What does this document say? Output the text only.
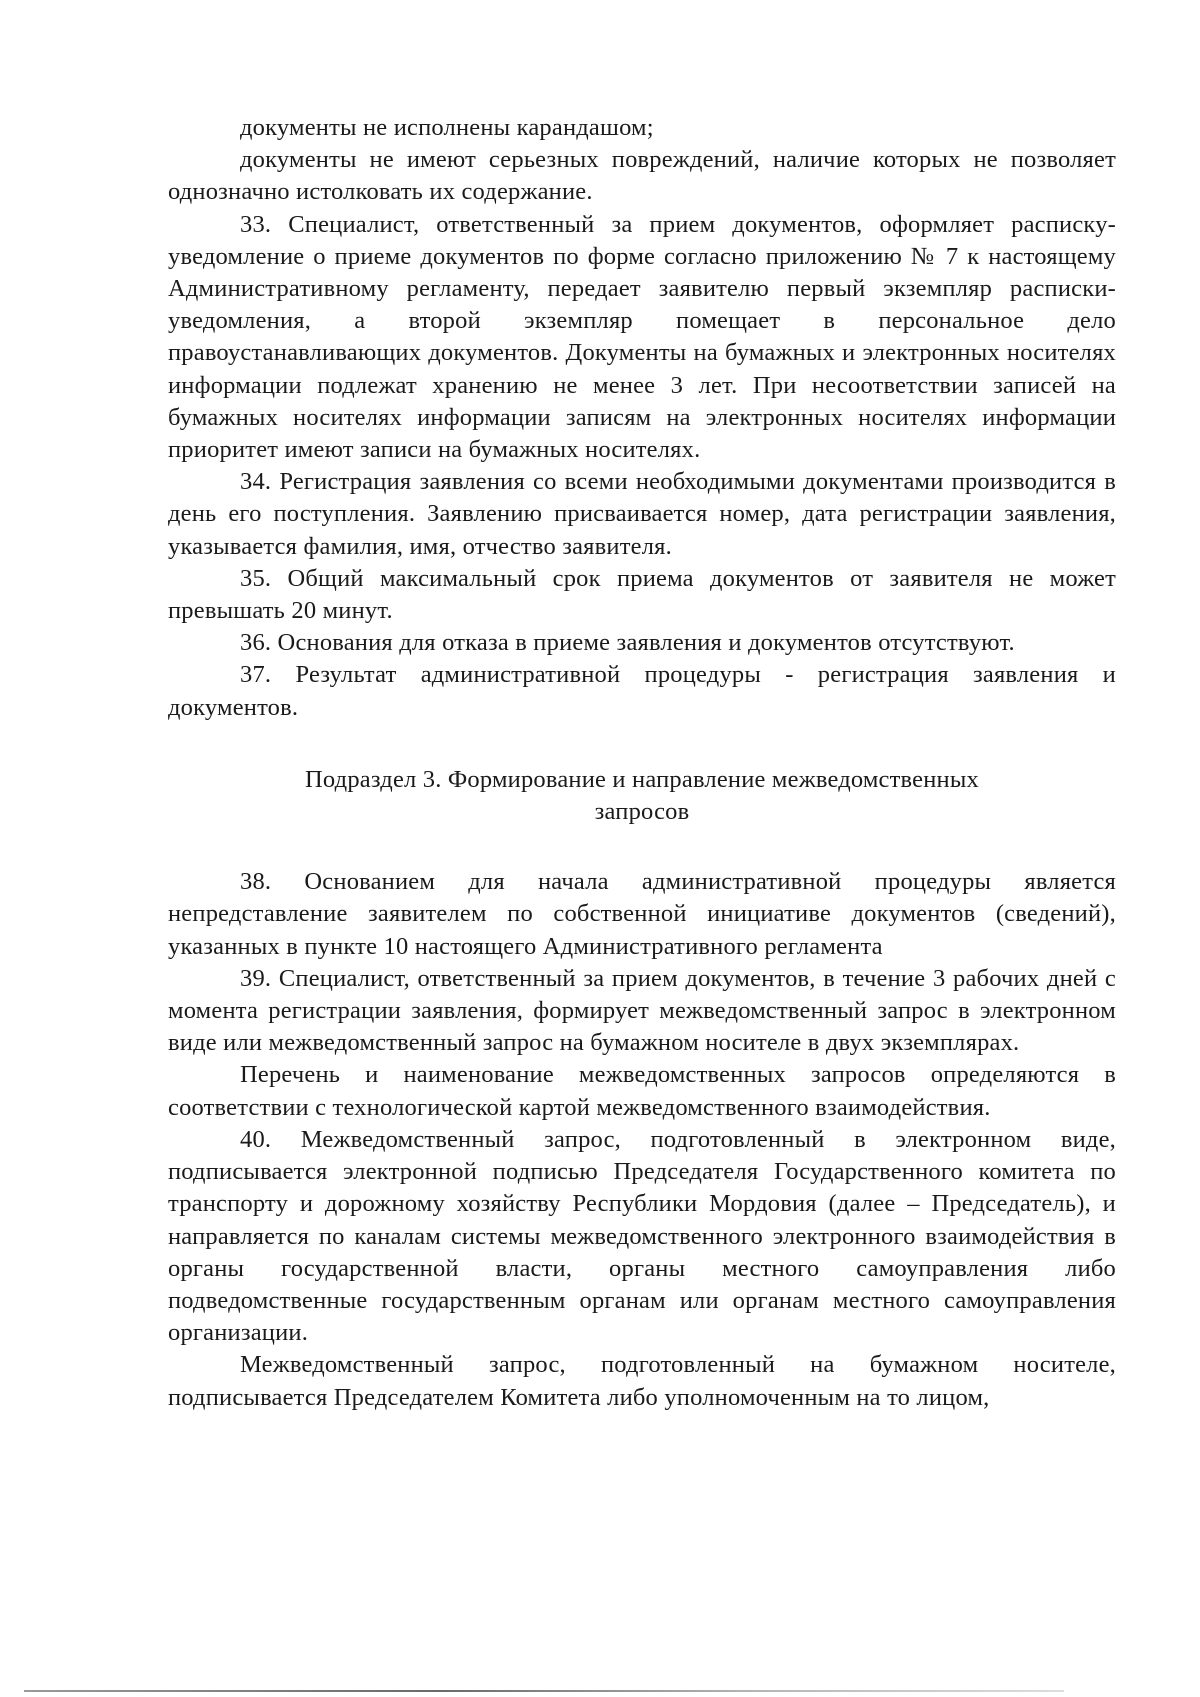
документы не исполнены карандашом;

документы не имеют серьезных повреждений, наличие которых не позволяет однозначно истолковать их содержание.

33. Специалист, ответственный за прием документов, оформляет расписку-уведомление о приеме документов по форме согласно приложению № 7 к настоящему Административному регламенту, передает заявителю первый экземпляр расписки-уведомления, а второй экземпляр помещает в персональное дело правоустанавливающих документов. Документы на бумажных и электронных носителях информации подлежат хранению не менее 3 лет. При несоответствии записей на бумажных носителях информации записям на электронных носителях информации приоритет имеют записи на бумажных носителях.

34. Регистрация заявления со всеми необходимыми документами производится в день его поступления. Заявлению присваивается номер, дата регистрации заявления, указывается фамилия, имя, отчество заявителя.

35. Общий максимальный срок приема документов от заявителя не может превышать 20 минут.

36. Основания для отказа в приеме заявления и документов отсутствуют.

37. Результат административной процедуры - регистрация заявления и документов.

Подраздел 3. Формирование и направление межведомственных
запросов

38. Основанием для начала административной процедуры является непредставление заявителем по собственной инициативе документов (сведений), указанных в пункте 10 настоящего Административного регламента

39. Специалист, ответственный за прием документов, в течение 3 рабочих дней с момента регистрации заявления, формирует межведомственный запрос в электронном виде или межведомственный запрос на бумажном носителе в двух экземплярах.

Перечень и наименование межведомственных запросов определяются в соответствии с технологической картой межведомственного взаимодействия.

40. Межведомственный запрос, подготовленный в электронном виде, подписывается электронной подписью Председателя Государственного комитета по транспорту и дорожному хозяйству Республики Мордовия (далее – Председатель), и направляется по каналам системы межведомственного электронного взаимодействия в органы государственной власти, органы местного самоуправления либо подведомственные государственным органам или органам местного самоуправления организации.

Межведомственный запрос, подготовленный на бумажном носителе, подписывается Председателем Комитета либо уполномоченным на то лицом,
